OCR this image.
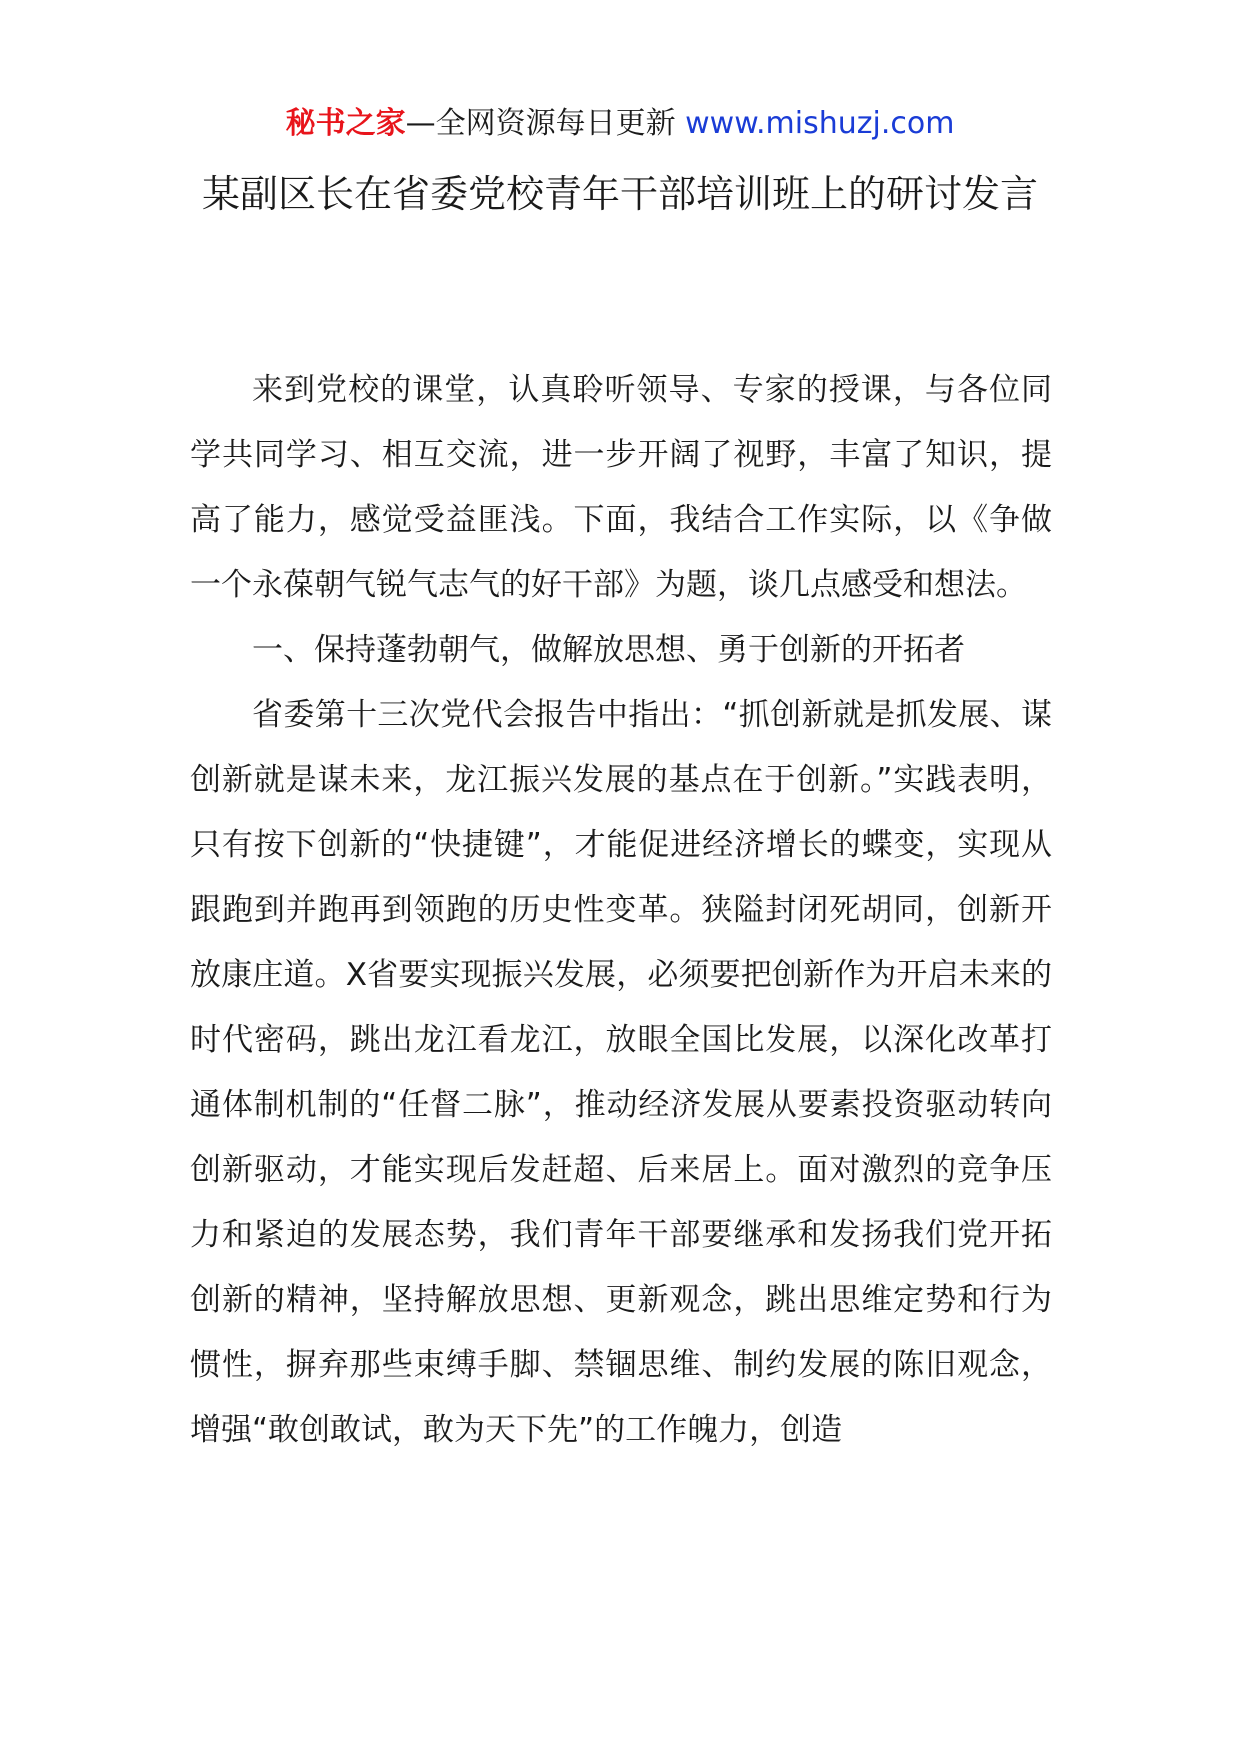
秘书之家—全网资源每日更新 www.mishuzj.com
某副区长在省委党校青年干部培训班上的研讨发言

来到党校的课堂，认真聆听领导、专家的授课，与各位同学共同学习、相互交流，进一步开阔了视野，丰富了知识，提高了能力，感觉受益匪浅。下面，我结合工作实际，以《争做一个永葆朝气锐气志气的好干部》为题，谈几点感受和想法。

一、保持蓬勃朝气，做解放思想、勇于创新的开拓者

省委第十三次党代会报告中指出：“抓创新就是抓发展、谋创新就是谋未来，龙江振兴发展的基点在于创新。”实践表明，只有按下创新的“快捷键”，才能促进经济增长的蝶变，实现从跟跑到并跑再到领跑的历史性变革。狭隘封闭死胡同，创新开放康庄道。X省要实现振兴发展，必须要把创新作为开启未来的时代密码，跳出龙江看龙江，放眼全国比发展，以深化改革打通体制机制的“任督二脉”，推动经济发展从要素投资驱动转向创新驱动，才能实现后发赶超、后来居上。面对激烈的竞争压力和紧迫的发展态势，我们青年干部要继承和发扬我们党开拓创新的精神，坚持解放思想、更新观念，跳出思维定势和行为惯性，摒弃那些束缚手脚、禁锢思维、制约发展的陈旧观念，增强“敢创敢试，敢为天下先”的工作魄力，创造
